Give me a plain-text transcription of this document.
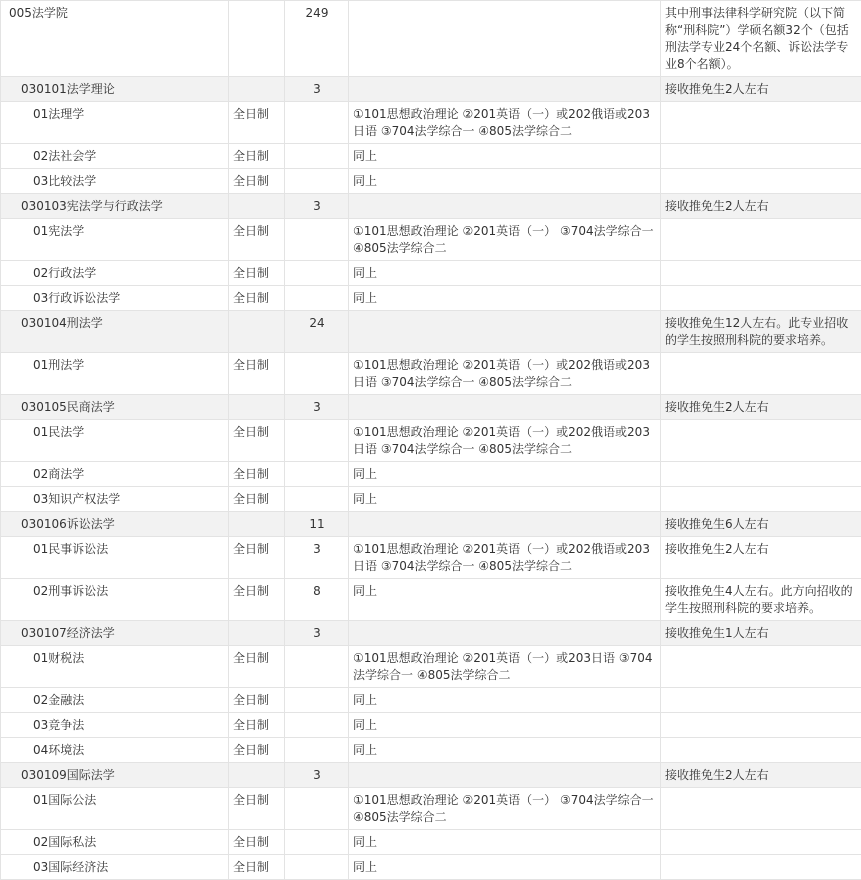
005法学院		249		其中刑事法律科学研究院（以下简称“刑科院”）学硕名额32个（包括刑法学专业24个名额、诉讼法学专业8个名额）。
030101法学理论		3		接收推免生2人左右
01法理学	全日制		①101思想政治理论 ②201英语（一）或202俄语或203日语 ③704法学综合一 ④805法学综合二	
02法社会学	全日制		同上	
03比较法学	全日制		同上	
030103宪法学与行政法学		3		接收推免生2人左右
01宪法学	全日制		①101思想政治理论 ②201英语（一） ③704法学综合一 ④805法学综合二	
02行政法学	全日制		同上	
03行政诉讼法学	全日制		同上	
030104刑法学		24		接收推免生12人左右。此专业招收的学生按照刑科院的要求培养。
01刑法学	全日制		①101思想政治理论 ②201英语（一）或202俄语或203日语 ③704法学综合一 ④805法学综合二	
030105民商法学		3		接收推免生2人左右
01民法学	全日制		①101思想政治理论 ②201英语（一）或202俄语或203日语 ③704法学综合一 ④805法学综合二	
02商法学	全日制		同上	
03知识产权法学	全日制		同上	
030106诉讼法学		11		接收推免生6人左右
01民事诉讼法	全日制	3	①101思想政治理论 ②201英语（一）或202俄语或203日语 ③704法学综合一 ④805法学综合二	接收推免生2人左右
02刑事诉讼法	全日制	8	同上	接收推免生4人左右。此方向招收的学生按照刑科院的要求培养。
030107经济法学		3		接收推免生1人左右
01财税法	全日制		①101思想政治理论 ②201英语（一）或203日语 ③704法学综合一 ④805法学综合二	
02金融法	全日制		同上	
03竞争法	全日制		同上	
04环境法	全日制		同上	
030109国际法学		3		接收推免生2人左右
01国际公法	全日制		①101思想政治理论 ②201英语（一） ③704法学综合一 ④805法学综合二	
02国际私法	全日制		同上	
03国际经济法	全日制		同上	
